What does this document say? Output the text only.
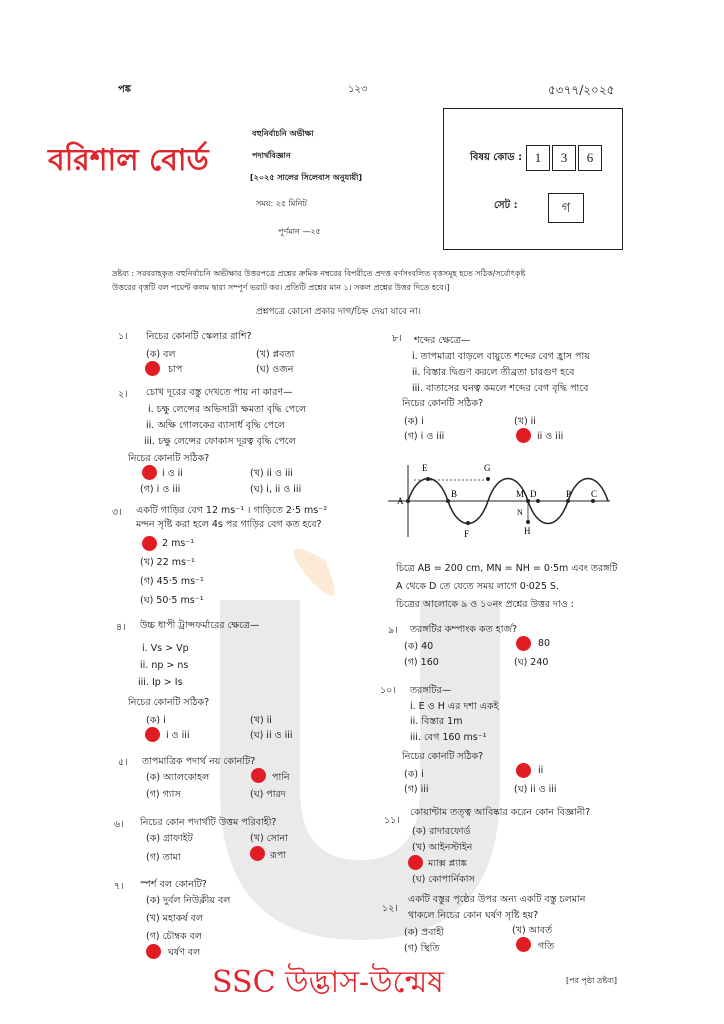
পঙ্ক	১২৩	৫৩৭৭/২০২৫
বরিশাল বোর্ড
বহুনির্বাচনি অভীক্ষা
পদার্থবিজ্ঞান
[২০২৫ সালের সিলেবাস অনুযায়ী]
সময়: ২৫ মিনিট
পূর্ণমান —২৫
বিষয় কোড : 1	3	6
সেট :	গ
দ্রষ্টব্য : সরবরাহকৃত বহুনির্বাচনি অভীক্ষার উত্তরপত্রে প্রশ্নের ক্রমিক নম্বরের বিপরীতে প্রদত্ত বর্ণসংবলিত বৃত্তসমূহ হতে সঠিক/সর্বোৎকৃষ্ট
উত্তরের বৃত্তটি বল পয়েন্ট কলম দ্বারা সম্পূর্ণ ভরাট কর। প্রতিটি প্রশ্নের মান ১। সকল প্রশ্নের উত্তর দিতে হবে।]
প্রশ্নপত্রে কোনো প্রকার দাগ/চিহ্ন দেয়া যাবে না।
১। নিচের কোনটি স্কেলার রাশি?
(ক) বল	(খ) প্লবতা
চাপ	(ঘ) ওজন
২। চোখ দূরের বস্তু দেখতে পায় না কারণ—
i. চক্ষু লেন্সের অভিসারী ক্ষমতা বৃদ্ধি পেলে
ii. অক্ষি গোলকের ব্যাসার্ধ বৃদ্ধি পেলে
iii. চক্ষু লেন্সের ফোকাস দূরত্ব বৃদ্ধি পেলে
নিচের কোনটি সঠিক?
i ও ii	(খ) ii ও iii
(গ) i ও iii	(ঘ) i, ii ও iii
৩। একটি গাড়ির বেগ 12 ms⁻¹ । গাড়িতে 2·5 ms⁻²
মন্দন সৃষ্টি করা হলে 4s পর গাড়ির বেগ কত হবে?
2 ms⁻¹
(খ) 22 ms⁻¹
(গ) 45·5 ms⁻¹
(ঘ) 50·5 ms⁻¹
৪। উচ্চ ধাপী ট্রান্সফর্মারের ক্ষেত্রে—
i. Vs > Vp
ii. np > ns
iii. Ip > Is
নিচের কোনটি সঠিক?
(ক) i	(খ) ii
i ও iii	(ঘ) ii ও iii
৫। তাপমাত্রিক পদার্থ নয় কোনটি?
(ক) অ্যালকোহল	পানি
(গ) গ্যাস	(ঘ) পারদ
৬। নিচের কোন পদার্থটি উত্তম পরিবাহী?
(ক) গ্রাফাইট	(খ) সোনা
(গ) তামা	রূপা
৭। স্পর্শ বল কোনটি?
(ক) দুর্বল নিউক্লীয় বল
(খ) মহাকর্ষ বল
(গ) চৌম্বক বল
ঘর্ষণ বল
৮। শব্দের ক্ষেত্রে—
i. তাপমাত্রা বাড়লে বায়ুতে শব্দের বেগ হ্রাস পায়
ii. বিস্তার দ্বিগুণ করলে তীব্রতা চারগুণ হবে
iii. বাতাসের ঘনত্ব কমলে শব্দের বেগ বৃদ্ধি পাবে
নিচের কোনটি সঠিক?
(ক) i	(খ) ii
(গ) i ও iii	ii ও iii
A
E
B
G
M D	P C
F	H
N
চিত্রে AB = 200 cm, MN = NH = 0·5m এবং তরঙ্গটি
A থেকে D তে যেতে সময় লাগে 0·025 S.
চিত্রের আলোকে ৯ ও ১০নং প্রশ্নের উত্তর দাও :
৯। তরঙ্গটির কম্পাংক কত হার্জ?
(ক) 40	80
(গ) 160	(ঘ) 240
১০। তরঙ্গটির—
i. E ও H এর দশা একই
ii. বিস্তার 1m
iii. বেগ 160 ms⁻¹
নিচের কোনটি সঠিক?
(ক) i	ii
(গ) iii	(ঘ) ii ও iii
১১।
কোয়ান্টাম তত্ত্ব আবিষ্কার করেন কোন বিজ্ঞানী?
(ক) রাদারফোর্ড
(খ) আইনস্টাইন
ম্যাক্স প্ল্যাঙ্ক
(ঘ) কোপার্নিকাস
১২।
একটি বস্তুর পৃষ্ঠের উপর অন্য একটি বস্তু চলমান
থাকলে নিচের কোন ঘর্ষণ সৃষ্টি হয়?
(ক) প্রবাহী	(খ) আবর্ত
(গ) স্থিতি	গতি
SSC উদ্ভাস-উন্মেষ	[পর পৃষ্ঠা দ্রষ্টব্য]
